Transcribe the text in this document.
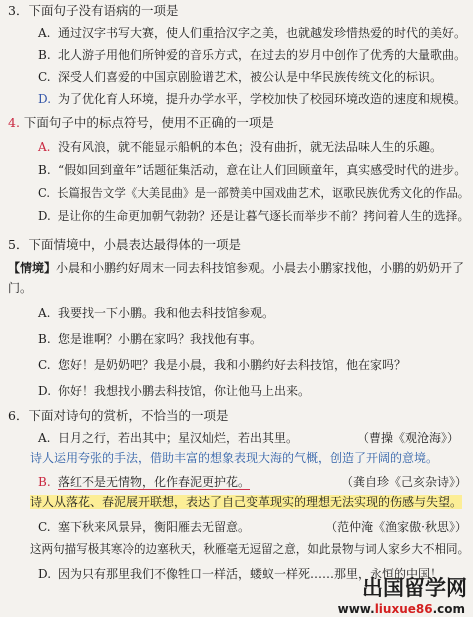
3．下面句子没有语病的一项是
A. 通过汉字书写大赛，使人们重拾汉字之美，也就越发珍惜热爱的时代的美好。
B. 北人游子用他们所钟爱的音乐方式，在过去的岁月中创作了优秀的大量歌曲。
C. 深受人们喜爱的中国京剧脸谱艺术，被公认是中华民族传统文化的标识。
D. 为了优化育人环境，提升办学水平，学校加快了校园环境改造的速度和规模。
4. 下面句子中的标点符号，使用不正确的一项是
A. 没有风浪，就不能显示船帆的本色；没有曲折，就无法品味人生的乐趣。
B. “假如回到童年”话题征集活动，意在让人们回顾童年，真实感受时代的进步。
C. 长篇报告文学《大美昆曲》是一部赞美中国戏曲艺术，讴歌民族优秀文化的作品。
D. 是让你的生命更加朝气勃勃？还是让暮气逐长而举步不前？拷问着人生的选择。
5．下面情境中，小晨表达最得体的一项是
【情境】小晨和小鹏约好周末一同去科技馆参观。小晨去小鹏家找他，小鹏的奶奶开了门。
A. 我要找一下小鹏。我和他去科技馆参观。
B. 您是谁啊？小鹏在家吗？我找他有事。
C. 您好！是奶奶吧？我是小晨，我和小鹏约好去科技馆，他在家吗？
D. 你好！我想找小鹏去科技馆，你让他马上出来。
6．下面对诗句的赏析，不恰当的一项是
A. 日月之行，若出其中；星汉灿烂，若出其里。	（曹操《观沧海》）
诗人运用夸张的手法，借助丰富的想象表现大海的气概，创造了开阔的意境。
B. 落红不是无情物，化作春泥更护花。	（龚自珍《己亥杂诗》）
诗人从落花、春泥展开联想，表达了自己变革现实的理想无法实现的伤感与失望。
C. 塞下秋来风景异，衡阳雁去无留意。	（范仲淹《渔家傲·秋思》）
这两句描写极其寒冷的边塞秋天，秋雁毫无逗留之意，如此景物与词人家乡大不相同。
D. 因为只有那里我们不像牲口一样活，蝼蚁一样死……那里，永恒的中国！
出国留学网
www.liuxue86.com
